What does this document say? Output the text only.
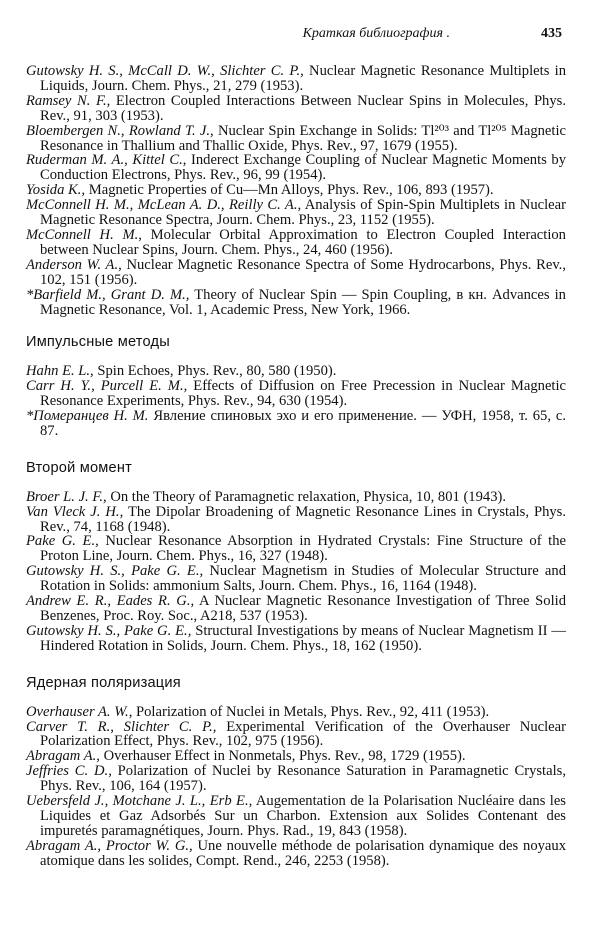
Краткая библиография .	435

Gutowsky H. S., McCall D. W., Slichter C. P., Nuclear Magnetic Resonance Multiplets in Liquids, Journ. Chem. Phys., 21, 279 (1953).

Ramsey N. F., Electron Coupled Interactions Between Nuclear Spins in Molecules, Phys. Rev., 91, 303 (1953).

Bloembergen N., Rowland T. J., Nuclear Spin Exchange in Solids: Tl²⁰³ and Tl²⁰⁵ Magnetic Resonance in Thallium and Thallic Oxide, Phys. Rev., 97, 1679 (1955).

Ruderman M. A., Kittel C., Inderect Exchange Coupling of Nuclear Magnetic Moments by Conduction Electrons, Phys. Rev., 96, 99 (1954).

Yosida K., Magnetic Properties of Cu—Mn Alloys, Phys. Rev., 106, 893 (1957).

McConnell H. M., McLean A. D., Reilly C. A., Analysis of Spin-Spin Multiplets in Nuclear Magnetic Resonance Spectra, Journ. Chem. Phys., 23, 1152 (1955).

McConnell H. M., Molecular Orbital Approximation to Electron Coupled Interaction between Nuclear Spins, Journ. Chem. Phys., 24, 460 (1956).

Anderson W. A., Nuclear Magnetic Resonance Spectra of Some Hydrocarbons, Phys. Rev., 102, 151 (1956).

*Barfield M., Grant D. M., Theory of Nuclear Spin — Spin Coupling, в кн. Advances in Magnetic Resonance, Vol. 1, Academic Press, New York, 1966.

Импульсные методы

Hahn E. L., Spin Echoes, Phys. Rev., 80, 580 (1950).

Carr H. Y., Purcell E. M., Effects of Diffusion on Free Precession in Nuclear Magnetic Resonance Experiments, Phys. Rev., 94, 630 (1954).

*Померанцев Н. М. Явление спиновых эхо и его применение. — УФН, 1958, т. 65, с. 87.

Второй момент

Broer L. J. F., On the Theory of Paramagnetic relaxation, Physica, 10, 801 (1943).

Van Vleck J. H., The Dipolar Broadening of Magnetic Resonance Lines in Crystals, Phys. Rev., 74, 1168 (1948).

Pake G. E., Nuclear Resonance Absorption in Hydrated Crystals: Fine Structure of the Proton Line, Journ. Chem. Phys., 16, 327 (1948).

Gutowsky H. S., Pake G. E., Nuclear Magnetism in Studies of Molecular Structure and Rotation in Solids: ammonium Salts, Journ. Chem. Phys., 16, 1164 (1948).

Andrew E. R., Eades R. G., A Nuclear Magnetic Resonance Investigation of Three Solid Benzenes, Proc. Roy. Soc., A218, 537 (1953).

Gutowsky H. S., Pake G. E., Structural Investigations by means of Nuclear Magnetism II — Hindered Rotation in Solids, Journ. Chem. Phys., 18, 162 (1950).

Ядерная поляризация

Overhauser A. W., Polarization of Nuclei in Metals, Phys. Rev., 92, 411 (1953).

Carver T. R., Slichter C. P., Experimental Verification of the Overhauser Nuclear Polarization Effect, Phys. Rev., 102, 975 (1956).

Abragam A., Overhauser Effect in Nonmetals, Phys. Rev., 98, 1729 (1955).

Jeffries C. D., Polarization of Nuclei by Resonance Saturation in Paramagnetic Crystals, Phys. Rev., 106, 164 (1957).

Uebersfeld J., Motchane J. L., Erb E., Augementation de la Polarisation Nucléaire dans les Liquides et Gaz Adsorbés Sur un Charbon. Extension aux Solides Contenant des impuretés paramagnétiques, Journ. Phys. Rad., 19, 843 (1958).

Abragam A., Proctor W. G., Une nouvelle méthode de polarisation dynamique des noyaux atomique dans les solides, Compt. Rend., 246, 2253 (1958).
